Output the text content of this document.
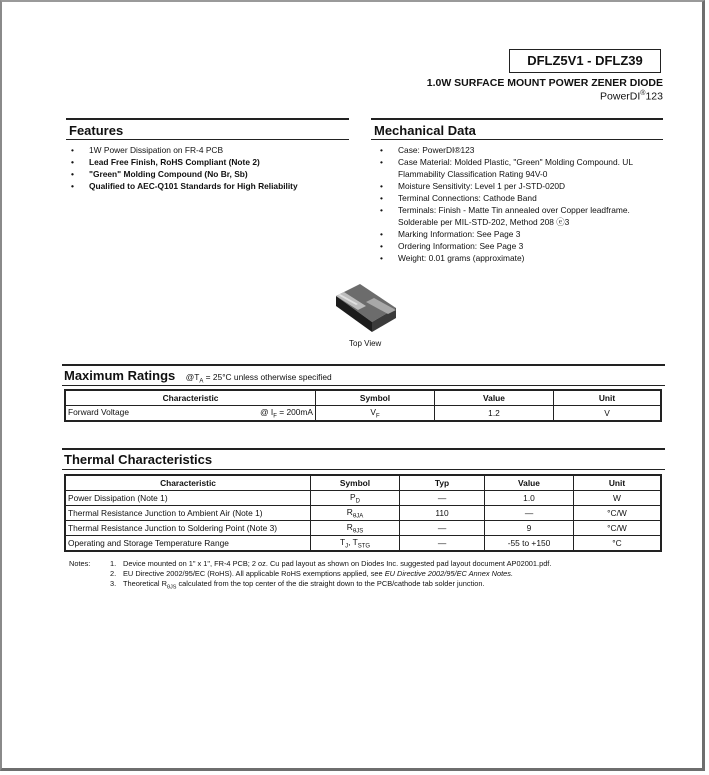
DFLZ5V1 - DFLZ39
1.0W SURFACE MOUNT POWER ZENER DIODE
PowerDI®123
Features
• 1W Power Dissipation on FR-4 PCB
• Lead Free Finish, RoHS Compliant (Note 2)
• "Green" Molding Compound (No Br, Sb)
• Qualified to AEC-Q101 Standards for High Reliability
Mechanical Data
• Case: PowerDI®123
• Case Material: Molded Plastic, "Green" Molding Compound. UL Flammability Classification Rating 94V-0
• Moisture Sensitivity: Level 1 per J-STD-020D
• Terminal Connections: Cathode Band
• Terminals: Finish - Matte Tin annealed over Copper leadframe. Solderable per MIL-STD-202, Method 208 ⓔ3
• Marking Information: See Page 3
• Ordering Information: See Page 3
• Weight: 0.01 grams (approximate)
Top View
Maximum Ratings $@T_A = 25^\circ C$ unless otherwise specified
Characteristic	Symbol	Value	Unit
Forward Voltage @ $I_F = 200mA$	$V_F$	1.2	V
Thermal Characteristics
Characteristic	Symbol	Typ	Value	Unit
Power Dissipation (Note 1)	$P_D$	—	1.0	W
Thermal Resistance Junction to Ambient Air (Note 1)	$R_{\theta JA}$	110	—	°C/W
Thermal Resistance Junction to Soldering Point (Note 3)	$R_{\theta JS}$	—	9	°C/W
Operating and Storage Temperature Range	$T_J$, $T_{STG}$	—	-55 to +150	°C
Notes:	1. Device mounted on 1" x 1", FR-4 PCB; 2 oz. Cu pad layout as shown on Diodes Inc. suggested pad layout document AP02001.pdf.
2. EU Directive 2002/95/EC (RoHS). All applicable RoHS exemptions applied, see EU Directive 2002/95/EC Annex Notes.
3. Theoretical $R_{\theta JS}$ calculated from the top center of the die straight down to the PCB/cathode tab solder junction.
